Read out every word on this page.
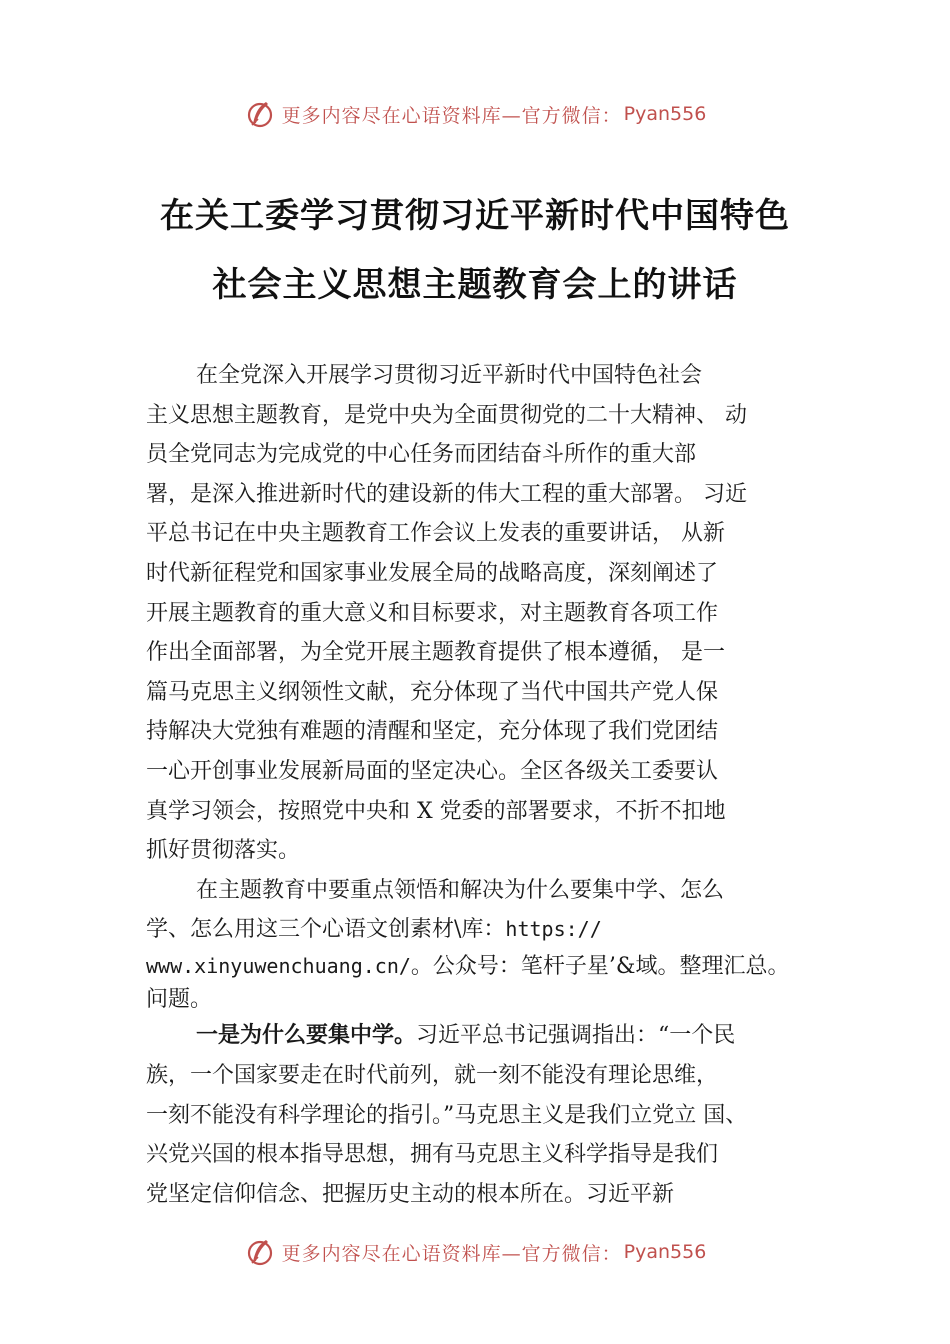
更多内容尽在心语资料库—官方微信： Pyan556
在关工委学习贯彻习近平新时代中国特色
社会主义思想主题教育会上的讲话
在全党深入开展学习贯彻习近平新时代中国特色社会
主义思想主题教育，是党中央为全面贯彻党的二十大精神、 动
员全党同志为完成党的中心任务而团结奋斗所作的重大部
署，是深入推进新时代的建设新的伟大工程的重大部署。 习近
平总书记在中央主题教育工作会议上发表的重要讲话， 从新
时代新征程党和国家事业发展全局的战略高度，深刻阐述了
开展主题教育的重大意义和目标要求，对主题教育各项工作
作出全面部署，为全党开展主题教育提供了根本遵循， 是一
篇马克思主义纲领性文献，充分体现了当代中国共产党人保
持解决大党独有难题的清醒和坚定，充分体现了我们党团结
一心开创事业发展新局面的坚定决心。全区各级关工委要认
真学习领会，按照党中央和 X 党委的部署要求，不折不扣地
抓好贯彻落实。
在主题教育中要重点领悟和解决为什么要集中学、怎么
学、怎么用这三个心语文创素材\库：https://
www.xinyuwenchuang.cn/。公众号：笔杆子星’&域。整理汇总。
问题。
一是为什么要集中学。习近平总书记强调指出：“一个民
族，一个国家要走在时代前列，就一刻不能没有理论思维，
一刻不能没有科学理论的指引。”马克思主义是我们立党立 国、
兴党兴国的根本指导思想，拥有马克思主义科学指导是我们
党坚定信仰信念、把握历史主动的根本所在。习近平新
更多内容尽在心语资料库—官方微信： Pyan556
